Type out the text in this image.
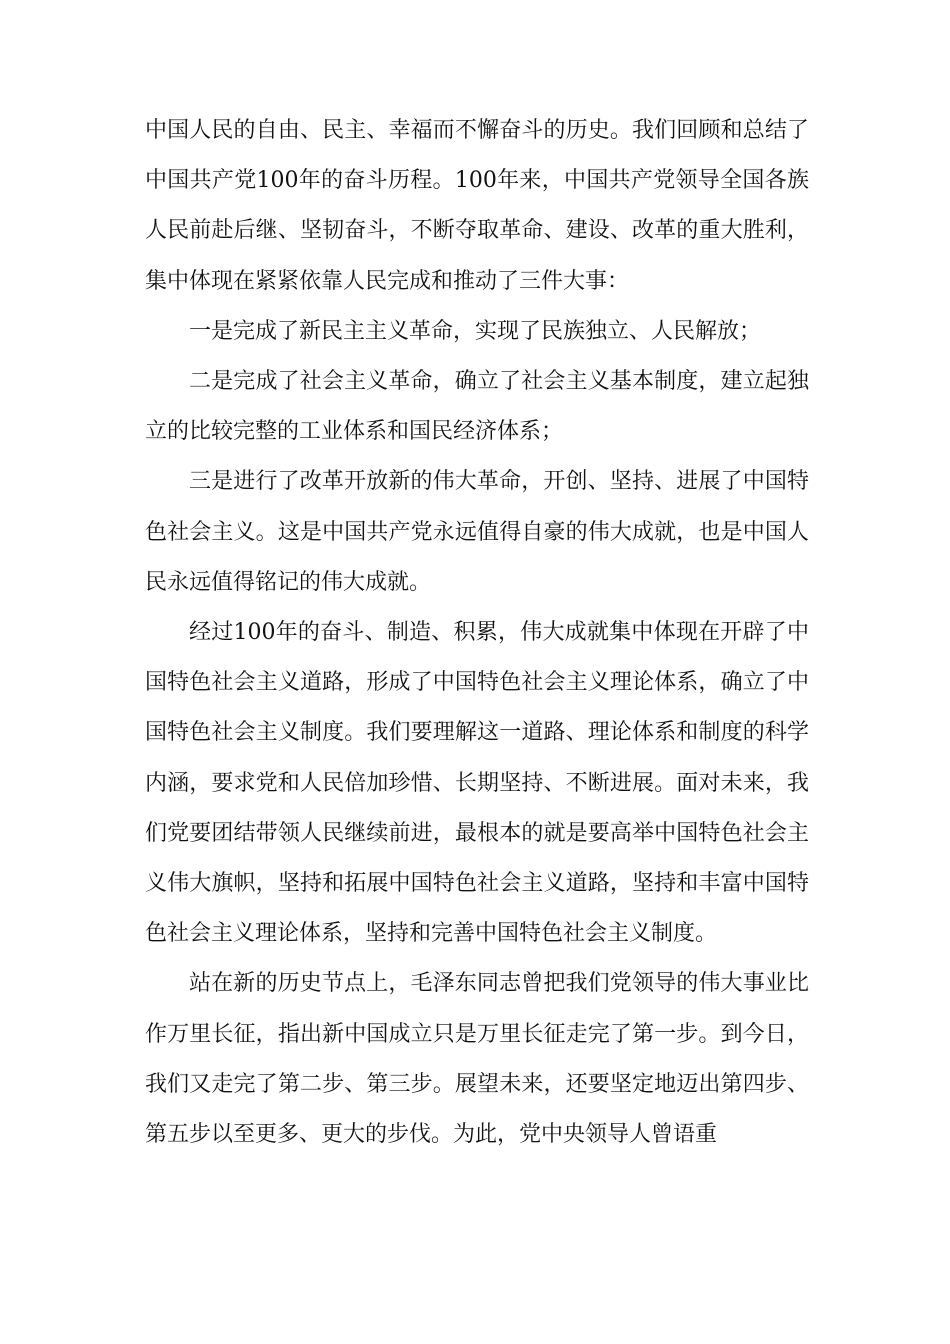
中国人民的自由、民主、幸福而不懈奋斗的历史。我们回顾和总结了中国共产党100年的奋斗历程。100年来，中国共产党领导全国各族人民前赴后继、坚韧奋斗，不断夺取革命、建设、改革的重大胜利，集中体现在紧紧依靠人民完成和推动了三件大事：

一是完成了新民主主义革命，实现了民族独立、人民解放；

二是完成了社会主义革命，确立了社会主义基本制度，建立起独立的比较完整的工业体系和国民经济体系；

三是进行了改革开放新的伟大革命，开创、坚持、进展了中国特色社会主义。这是中国共产党永远值得自豪的伟大成就，也是中国人民永远值得铭记的伟大成就。

经过100年的奋斗、制造、积累，伟大成就集中体现在开辟了中国特色社会主义道路，形成了中国特色社会主义理论体系，确立了中国特色社会主义制度。我们要理解这一道路、理论体系和制度的科学内涵，要求党和人民倍加珍惜、长期坚持、不断进展。面对未来，我们党要团结带领人民继续前进，最根本的就是要高举中国特色社会主义伟大旗帜，坚持和拓展中国特色社会主义道路，坚持和丰富中国特色社会主义理论体系，坚持和完善中国特色社会主义制度。

站在新的历史节点上，毛泽东同志曾把我们党领导的伟大事业比作万里长征，指出新中国成立只是万里长征走完了第一步。到今日，我们又走完了第二步、第三步。展望未来，还要坚定地迈出第四步、第五步以至更多、更大的步伐。为此，党中央领导人曾语重
